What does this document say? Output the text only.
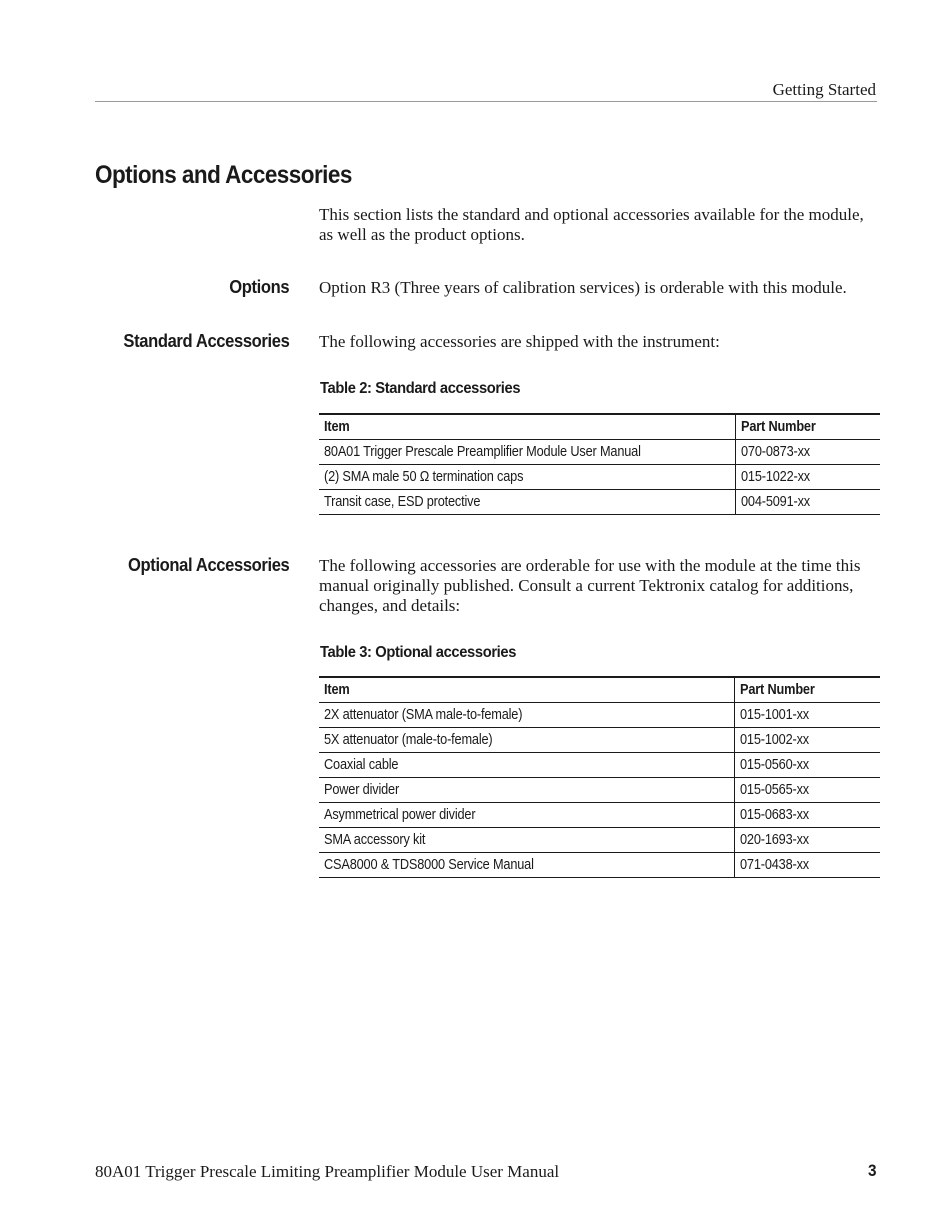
Getting Started
Options and Accessories

This section lists the standard and optional accessories available for the module, as well as the product options.

Options Option R3 (Three years of calibration services) is orderable with this module.

Standard Accessories The following accessories are shipped with the instrument:

Table 2: Standard accessories
Item	Part Number
80A01 Trigger Prescale Preamplifier Module User Manual	070-0873-xx
(2) SMA male 50 Ω termination caps	015-1022-xx
Transit case, ESD protective	004-5091-xx
Optional Accessories The following accessories are orderable for use with the module at the time this manual originally published. Consult a current Tektronix catalog for additions, changes, and details:

Table 3: Optional accessories
Item	Part Number
2X attenuator (SMA male-to-female)	015-1001-xx
5X attenuator (male-to-female)	015-1002-xx
Coaxial cable	015-0560-xx
Power divider	015-0565-xx
Asymmetrical power divider	015-0683-xx
SMA accessory kit	020-1693-xx
CSA8000 & TDS8000 Service Manual	071-0438-xx
80A01 Trigger Prescale Limiting Preamplifier Module User Manual	3
